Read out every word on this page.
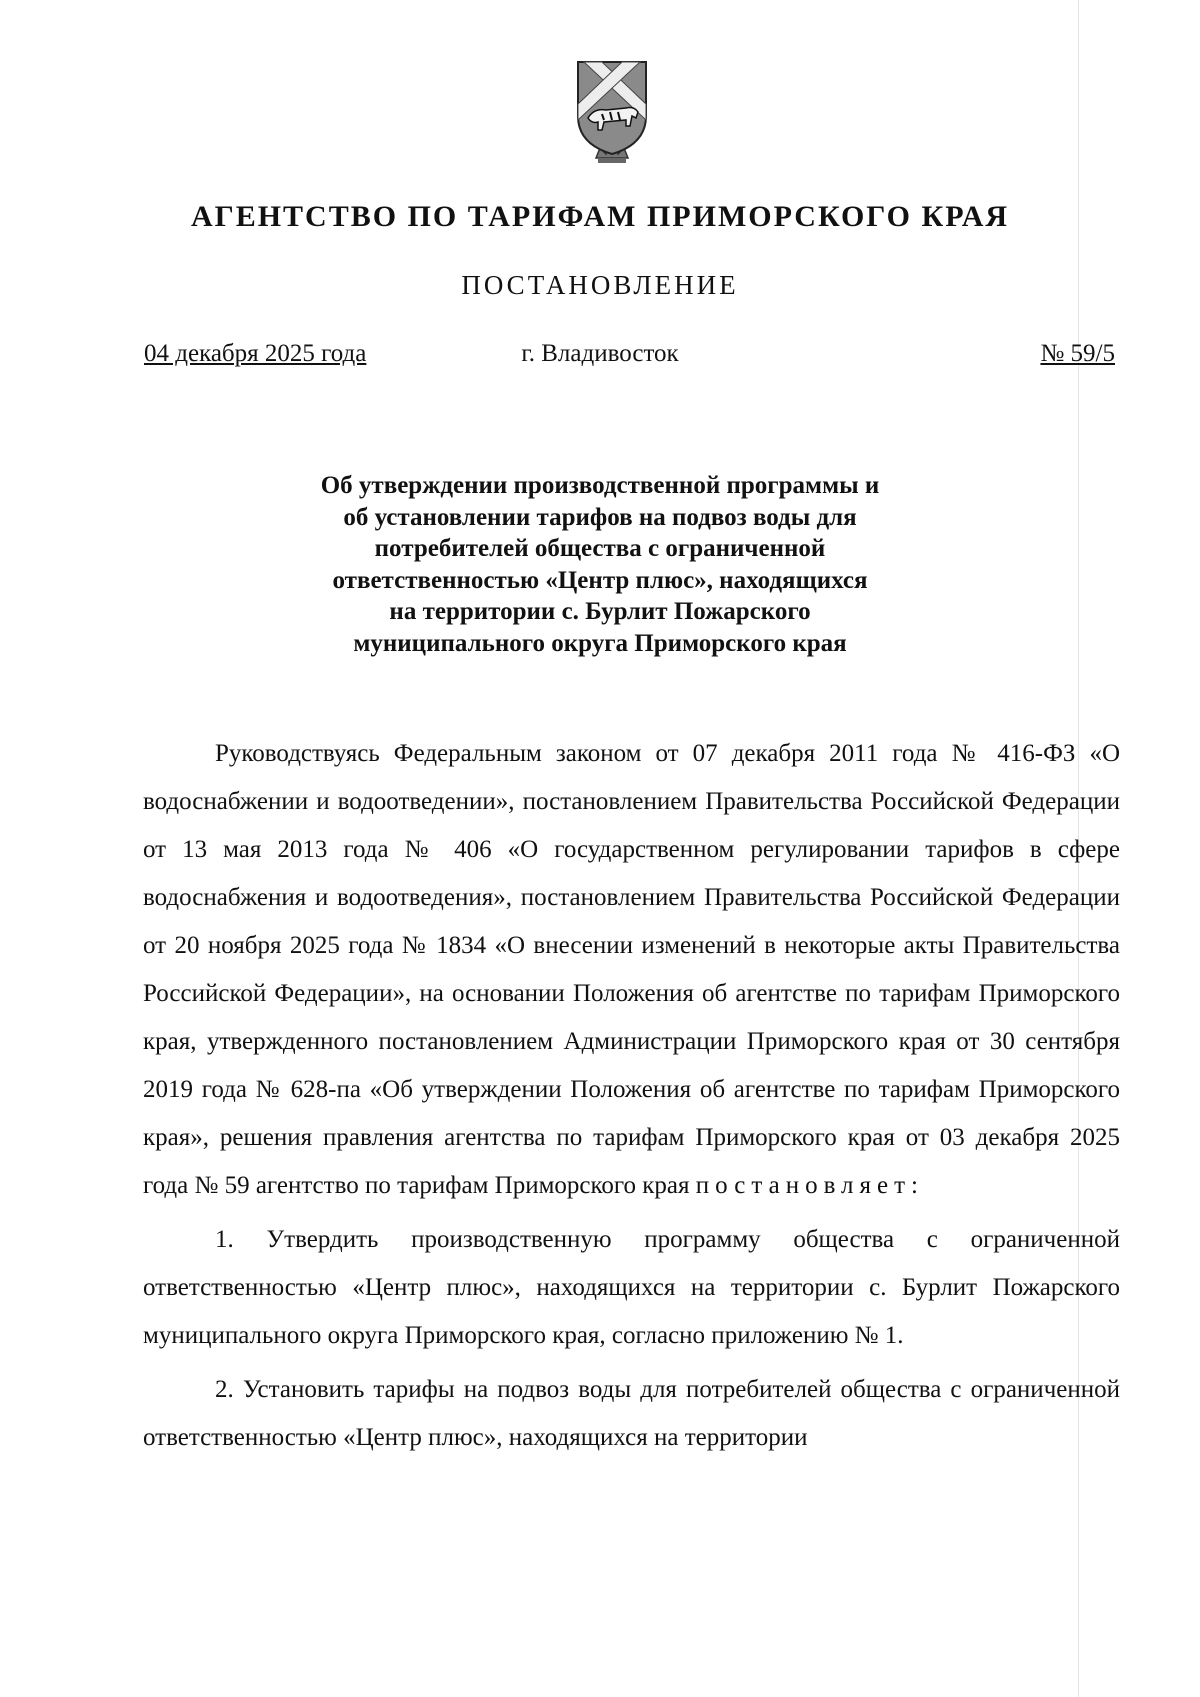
АГЕНТСТВО ПО ТАРИФАМ ПРИМОРСКОГО КРАЯ
ПОСТАНОВЛЕНИЕ
04 декабря 2025 года	г. Владивосток	№ 59/5
Об утверждении производственной программы и
об установлении тарифов на подвоз воды для
потребителей общества с ограниченной
ответственностью «Центр плюс», находящихся
на территории с. Бурлит Пожарского
муниципального округа Приморского края

Руководствуясь Федеральным законом от 07 декабря 2011 года № 416-ФЗ «О водоснабжении и водоотведении», постановлением Правительства Российской Федерации от 13 мая 2013 года № 406 «О государственном регулировании тарифов в сфере водоснабжения и водоотведения», постановлением Правительства Российской Федерации от 20 ноября 2025 года № 1834 «О внесении изменений в некоторые акты Правительства Российской Федерации», на основании Положения об агентстве по тарифам Приморского края, утвержденного постановлением Администрации Приморского края от 30 сентября 2019 года № 628-па «Об утверждении Положения об агентстве по тарифам Приморского края», решения правления агентства по тарифам Приморского края от 03 декабря 2025 года № 59 агентство по тарифам Приморского края постановляет:

1. Утвердить производственную программу общества с ограниченной ответственностью «Центр плюс», находящихся на территории с. Бурлит Пожарского муниципального округа Приморского края, согласно приложению № 1.

2. Установить тарифы на подвоз воды для потребителей общества с ограниченной ответственностью «Центр плюс», находящихся на территории
